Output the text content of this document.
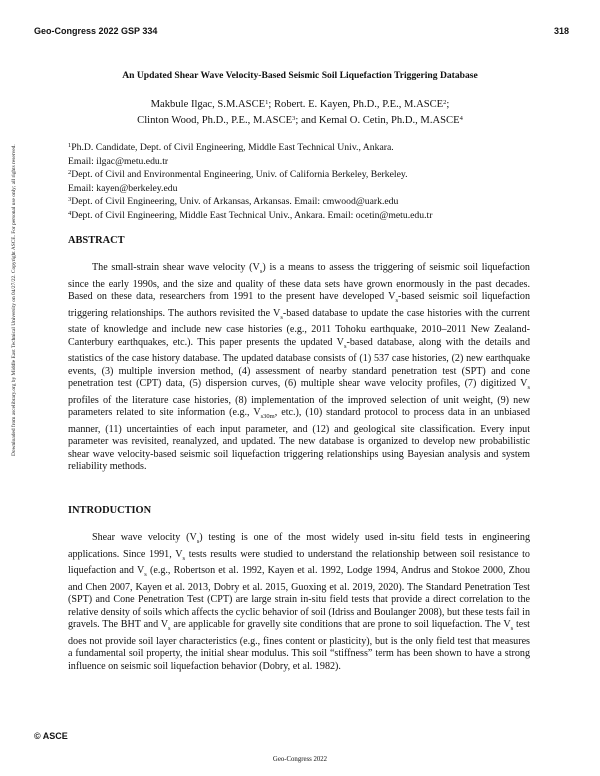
Geo-Congress 2022 GSP 334	318
Downloaded from ascelibrary.org by Middle East Technical University on 04/27/22. Copyright ASCE. For personal use only; all rights reserved.
An Updated Shear Wave Velocity-Based Seismic Soil Liquefaction Triggering Database
Makbule Ilgac, S.M.ASCE$^1$; Robert. E. Kayen, Ph.D., P.E., M.ASCE$^2$;
Clinton Wood, Ph.D., P.E., M.ASCE$^3$; and Kemal O. Cetin, Ph.D., M.ASCE$^4$
$^1$Ph.D. Candidate, Dept. of Civil Engineering, Middle East Technical Univ., Ankara.
Email: ilgac@metu.edu.tr
$^2$Dept. of Civil and Environmental Engineering, Univ. of California Berkeley, Berkeley.
Email: kayen@berkeley.edu
$^3$Dept. of Civil Engineering, Univ. of Arkansas, Arkansas. Email: cmwood@uark.edu
$^4$Dept. of Civil Engineering, Middle East Technical Univ., Ankara. Email: ocetin@metu.edu.tr
ABSTRACT

The small-strain shear wave velocity $(V_s)$ is a means to assess the triggering of seismic soil liquefaction since the early 1990s, and the size and quality of these data sets have grown enormously in the past decades. Based on these data, researchers from 1991 to the present have developed $V_s$-based seismic soil liquefaction triggering relationships. The authors revisited the $V_s$-based database to update the case histories with the current state of knowledge and include new case histories (e.g., 2011 Tohoku earthquake, 2010–2011 New Zealand-Canterbury earthquakes, etc.). This paper presents the updated $V_s$-based database, along with the details and statistics of the case history database. The updated database consists of (1) 537 case histories, (2) new earthquake events, (3) multiple inversion method, (4) assessment of nearby standard penetration test (SPT) and cone penetration test (CPT) data, (5) dispersion curves, (6) multiple shear wave velocity profiles, (7) digitized $V_s$ profiles of the literature case histories, (8) implementation of the improved selection of unit weight, (9) new parameters related to site information (e.g., $V_{s30m}$, etc.), (10) standard protocol to process data in an unbiased manner, (11) uncertainties of each input parameter, and (12) and geological site classification. Every input parameter was revisited, reanalyzed, and updated. The new database is organized to develop new probabilistic shear wave velocity-based seismic soil liquefaction triggering relationships using Bayesian analysis and system reliability methods.

INTRODUCTION

Shear wave velocity $(V_s)$ testing is one of the most widely used in-situ field tests in engineering applications. Since 1991, $V_s$ tests results were studied to understand the relationship between soil resistance to liquefaction and $V_s$ (e.g., Robertson et al. 1992, Kayen et al. 1992, Lodge 1994, Andrus and Stokoe 2000, Zhou and Chen 2007, Kayen et al. 2013, Dobry et al. 2015, Guoxing et al. 2019, 2020). The Standard Penetration Test (SPT) and Cone Penetration Test (CPT) are large strain in-situ field tests that provide a direct correlation to the relative density of soils which affects the cyclic behavior of soil (Idriss and Boulanger 2008), but these tests fail in gravels. The BHT and $V_s$ are applicable for gravelly site conditions that are prone to soil liquefaction. The $V_s$ test does not provide soil layer characteristics (e.g., fines content or plasticity), but is the only field test that measures a fundamental soil property, the initial shear modulus. This soil “stiffness” term has been shown to have a strong influence on seismic soil liquefaction behavior (Dobry, et al. 1982).

© ASCE
Geo-Congress 2022
